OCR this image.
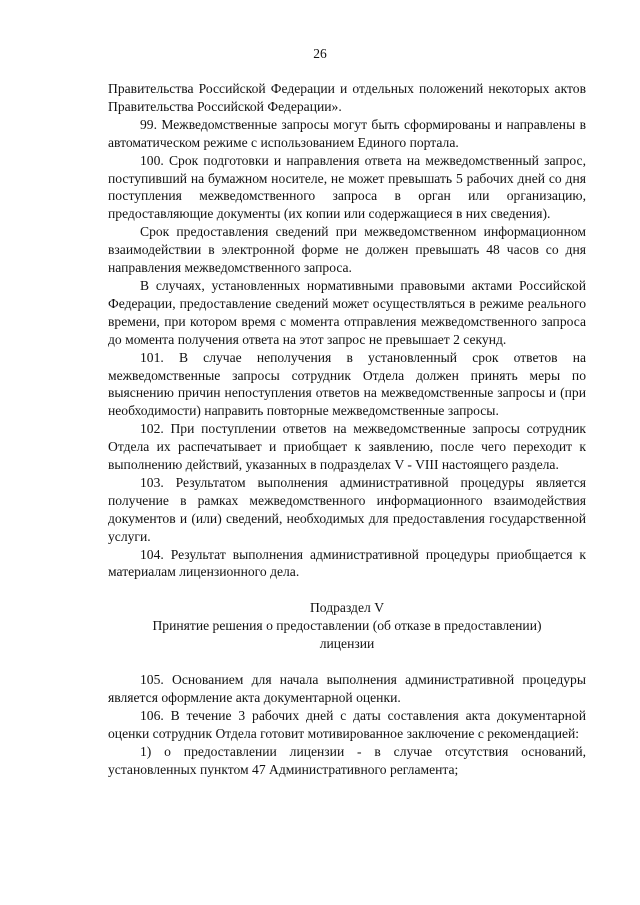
26

Правительства Российской Федерации и отдельных положений некоторых актов Правительства Российской Федерации».

99. Межведомственные запросы могут быть сформированы и направлены в автоматическом режиме с использованием Единого портала.

100. Срок подготовки и направления ответа на межведомственный запрос, поступивший на бумажном носителе, не может превышать 5 рабочих дней со дня поступления межведомственного запроса в орган или организацию, предоставляющие документы (их копии или содержащиеся в них сведения).

Срок предоставления сведений при межведомственном информационном взаимодействии в электронной форме не должен превышать 48 часов со дня направления межведомственного запроса.

В случаях, установленных нормативными правовыми актами Российской Федерации, предоставление сведений может осуществляться в режиме реального времени, при котором время с момента отправления межведомственного запроса до момента получения ответа на этот запрос не превышает 2 секунд.

101. В случае неполучения в установленный срок ответов на межведомственные запросы сотрудник Отдела должен принять меры по выяснению причин непоступления ответов на межведомственные запросы и (при необходимости) направить повторные межведомственные запросы.

102. При поступлении ответов на межведомственные запросы сотрудник Отдела их распечатывает и приобщает к заявлению, после чего переходит к выполнению действий, указанных в подразделах V - VIII настоящего раздела.

103. Результатом выполнения административной процедуры является получение в рамках межведомственного информационного взаимодействия документов и (или) сведений, необходимых для предоставления государственной услуги.

104. Результат выполнения административной процедуры приобщается к материалам лицензионного дела.

Подраздел V
Принятие решения о предоставлении (об отказе в предоставлении)
лицензии

105. Основанием для начала выполнения административной процедуры является оформление акта документарной оценки.

106. В течение 3 рабочих дней с даты составления акта документарной оценки сотрудник Отдела готовит мотивированное заключение с рекомендацией:

1) о предоставлении лицензии - в случае отсутствия оснований, установленных пунктом 47 Административного регламента;
